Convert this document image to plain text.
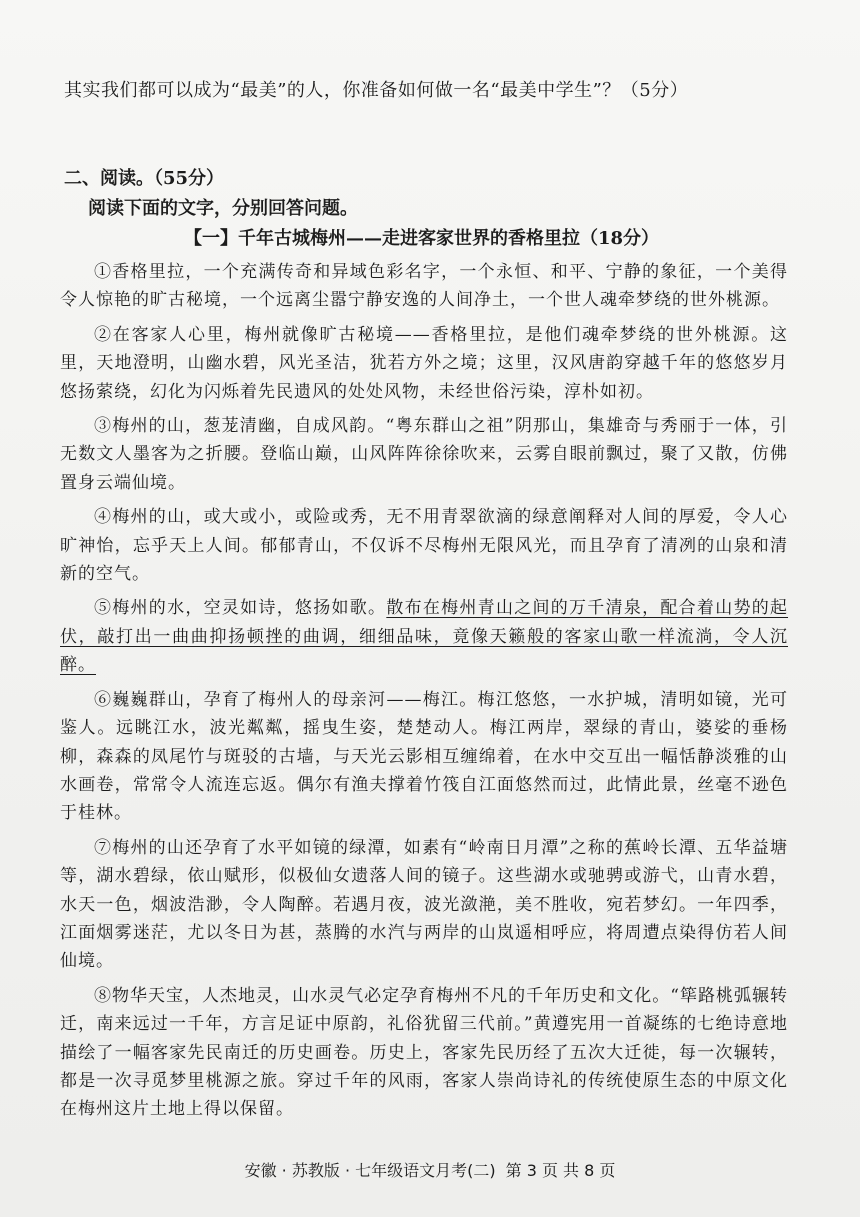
其实我们都可以成为“最美”的人，你准备如何做一名“最美中学生”？（5分）
二、阅读。（55分）
阅读下面的文字，分别回答问题。
【一】千年古城梅州——走进客家世界的香格里拉（18分）

①香格里拉，一个充满传奇和异域色彩名字，一个永恒、和平、宁静的象征，一个美得令人惊艳的旷古秘境，一个远离尘嚣宁静安逸的人间净土，一个世人魂牵梦绕的世外桃源。

②在客家人心里，梅州就像旷古秘境——香格里拉，是他们魂牵梦绕的世外桃源。这里，天地澄明，山幽水碧，风光圣洁，犹若方外之境；这里，汉风唐韵穿越千年的悠悠岁月悠扬萦绕，幻化为闪烁着先民遗风的处处风物，未经世俗污染，淳朴如初。

③梅州的山，葱茏清幽，自成风韵。“粤东群山之祖”阴那山，集雄奇与秀丽于一体，引无数文人墨客为之折腰。登临山巅，山风阵阵徐徐吹来，云雾自眼前飘过，聚了又散，仿佛置身云端仙境。

④梅州的山，或大或小，或险或秀，无不用青翠欲滴的绿意阐释对人间的厚爱，令人心旷神怡，忘乎天上人间。郁郁青山，不仅诉不尽梅州无限风光，而且孕育了清冽的山泉和清新的空气。

⑤梅州的水，空灵如诗，悠扬如歌。散布在梅州青山之间的万千清泉，配合着山势的起伏，敲打出一曲曲抑扬顿挫的曲调，细细品味，竟像天籁般的客家山歌一样流淌，令人沉醉。

⑥巍巍群山，孕育了梅州人的母亲河——梅江。梅江悠悠，一水护城，清明如镜，光可鉴人。远眺江水，波光粼粼，摇曳生姿，楚楚动人。梅江两岸，翠绿的青山，婆娑的垂杨柳，森森的凤尾竹与斑驳的古墙，与天光云影相互缠绵着，在水中交互出一幅恬静淡雅的山水画卷，常常令人流连忘返。偶尔有渔夫撑着竹筏自江面悠然而过，此情此景，丝毫不逊色于桂林。

⑦梅州的山还孕育了水平如镜的绿潭，如素有“岭南日月潭”之称的蕉岭长潭、五华益塘等，湖水碧绿，依山赋形，似极仙女遗落人间的镜子。这些湖水或驰骋或游弋，山青水碧，水天一色，烟波浩渺，令人陶醉。若遇月夜，波光潋滟，美不胜收，宛若梦幻。一年四季，江面烟雾迷茫，尤以冬日为甚，蒸腾的水汽与两岸的山岚遥相呼应，将周遭点染得仿若人间仙境。

⑧物华天宝，人杰地灵，山水灵气必定孕育梅州不凡的千年历史和文化。“筚路桃弧辗转迁，南来远过一千年，方言足证中原韵，礼俗犹留三代前。”黄遵宪用一首凝练的七绝诗意地描绘了一幅客家先民南迁的历史画卷。历史上，客家先民历经了五次大迁徙，每一次辗转，都是一次寻觅梦里桃源之旅。穿过千年的风雨，客家人崇尚诗礼的传统使原生态的中原文化在梅州这片土地上得以保留。

安徽 · 苏教版 · 七年级语文月考(二) 第 3 页 共 8 页
